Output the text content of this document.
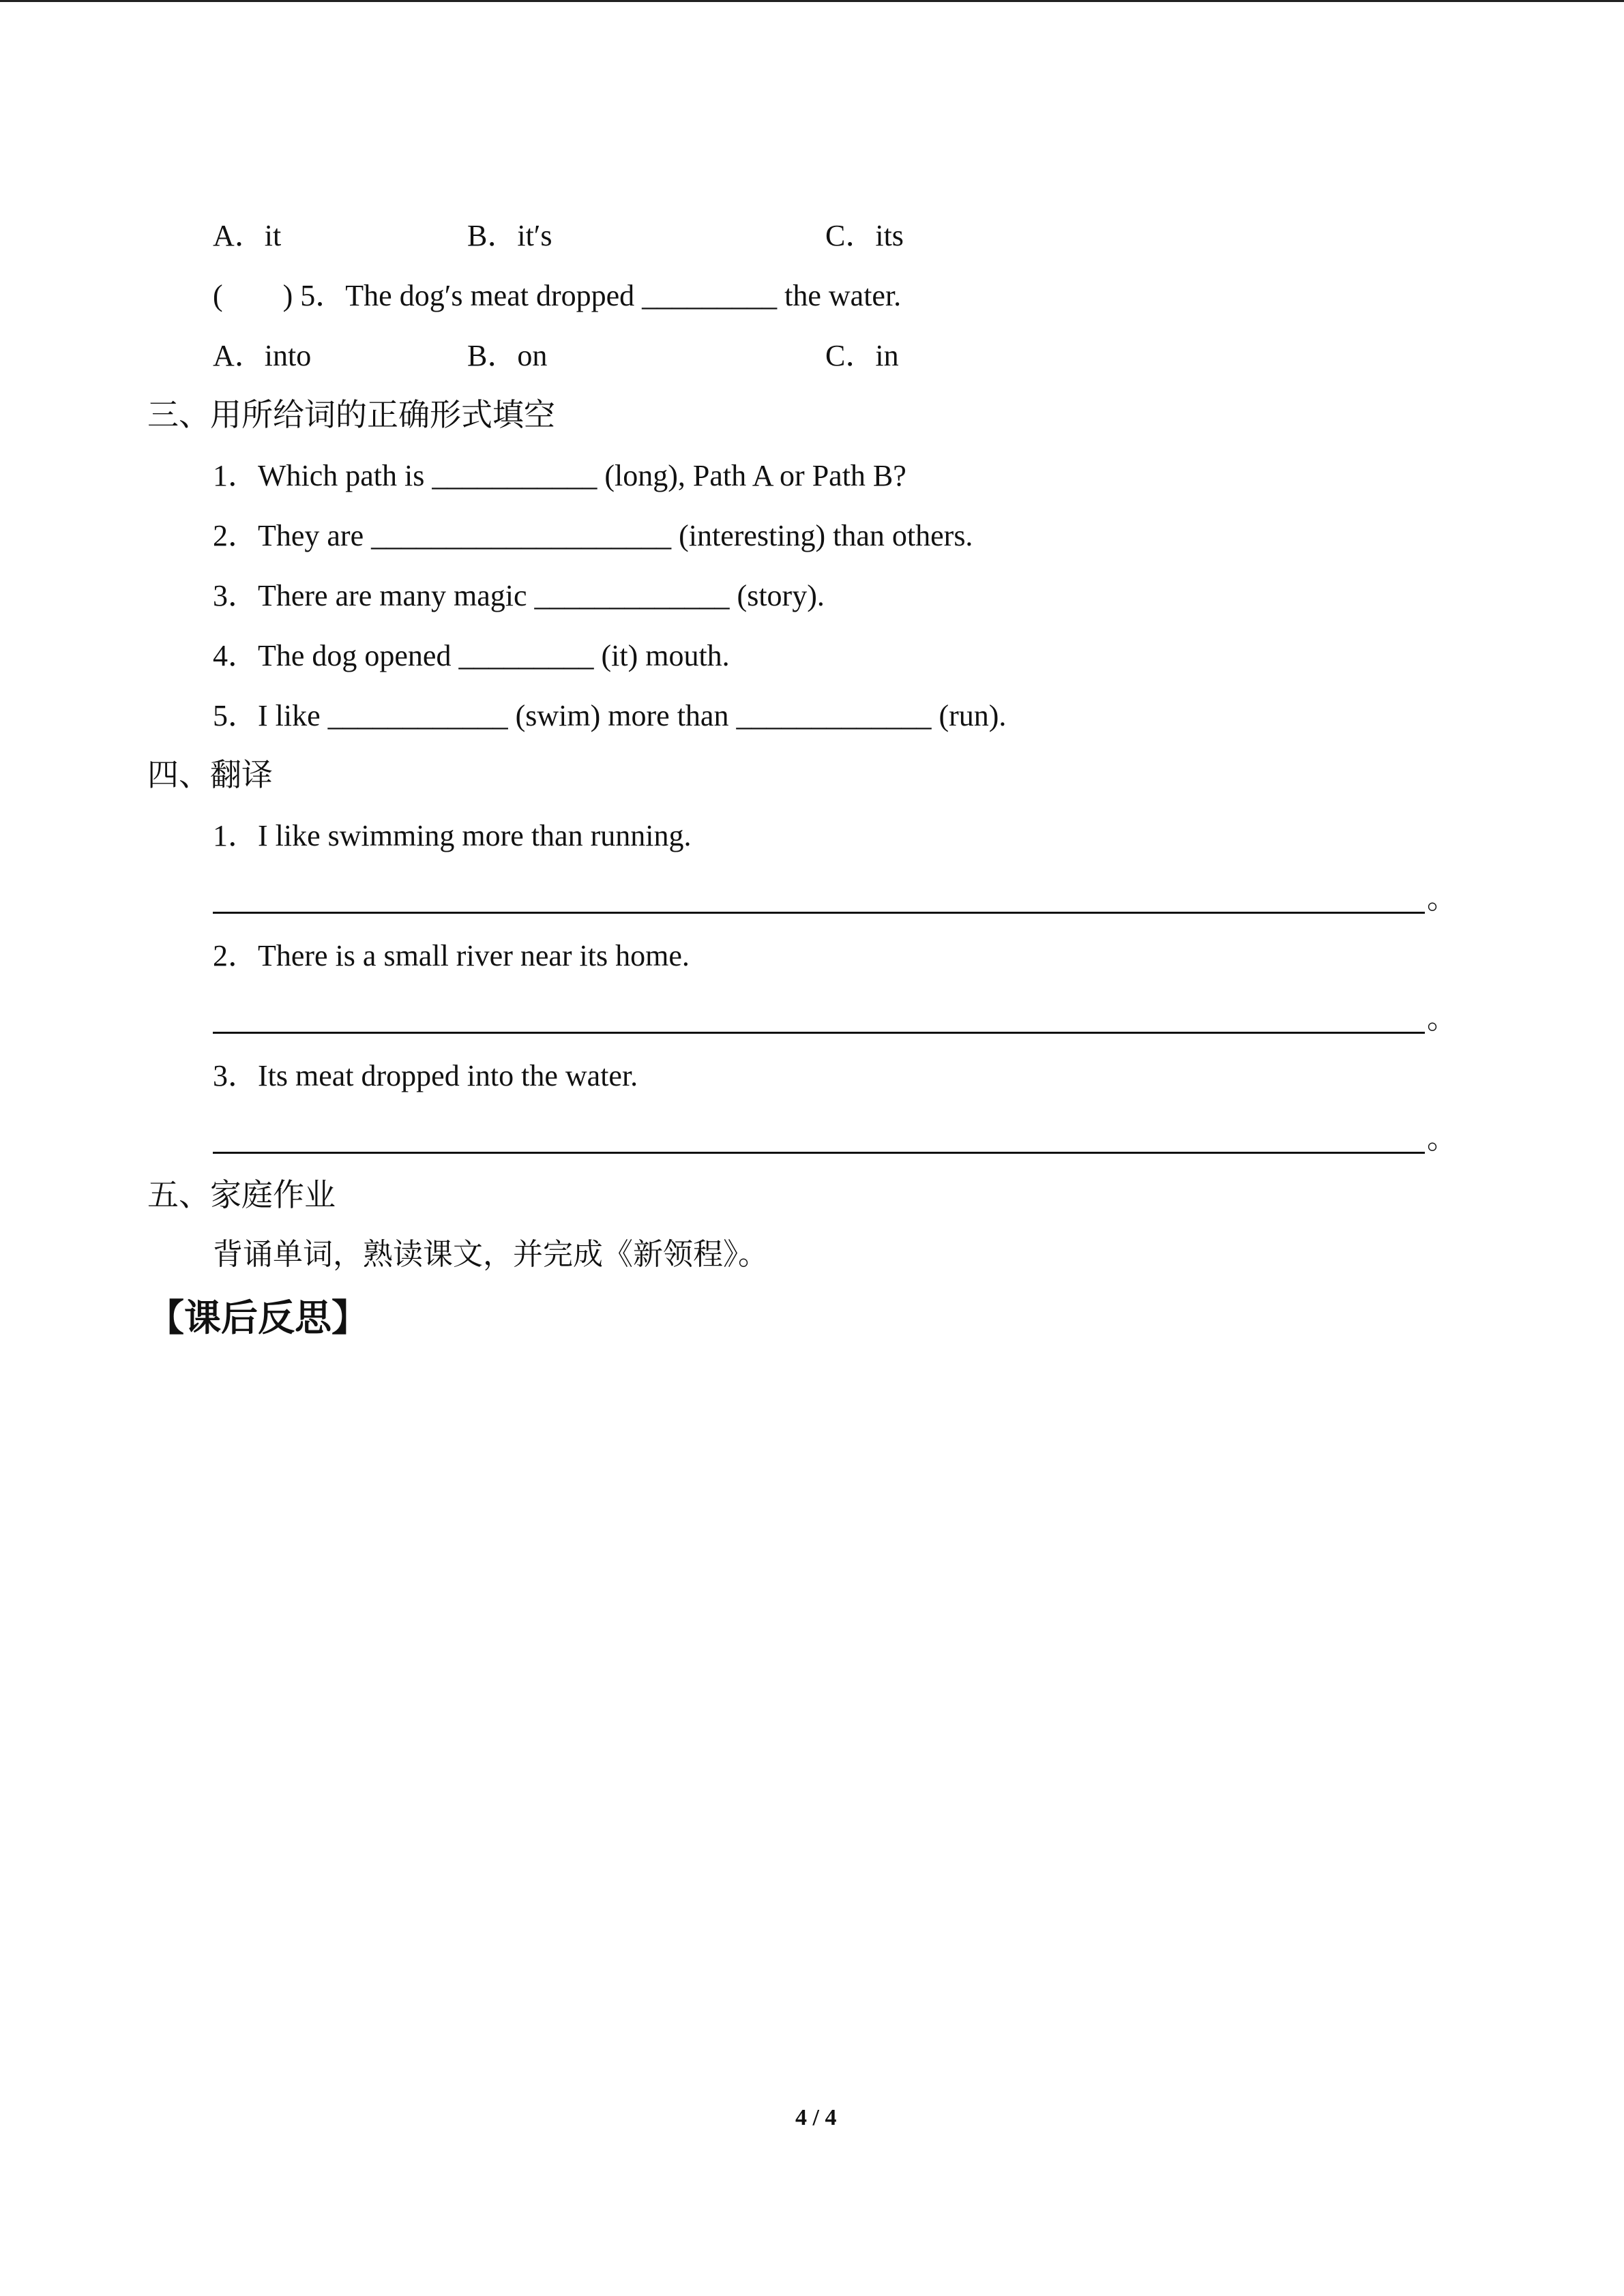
A．it	B．it′s	C．its
(　　) 5．The dog′s meat dropped _________ the water.
A．into	B．on	C．in
三、用所给词的正确形式填空
1．Which path is ___________ (long), Path A or Path B?
2．They are ____________________ (interesting) than others.
3．There are many magic _____________ (story).
4．The dog opened _________ (it) mouth.
5．I like ____________ (swim) more than _____________ (run).
四、翻译
1．I like swimming more than running.
。
2．There is a small river near its home.
。
3．Its meat dropped into the water.
。
五、家庭作业
背诵单词，熟读课文，并完成《新领程》。
【课后反思】
4 / 4
